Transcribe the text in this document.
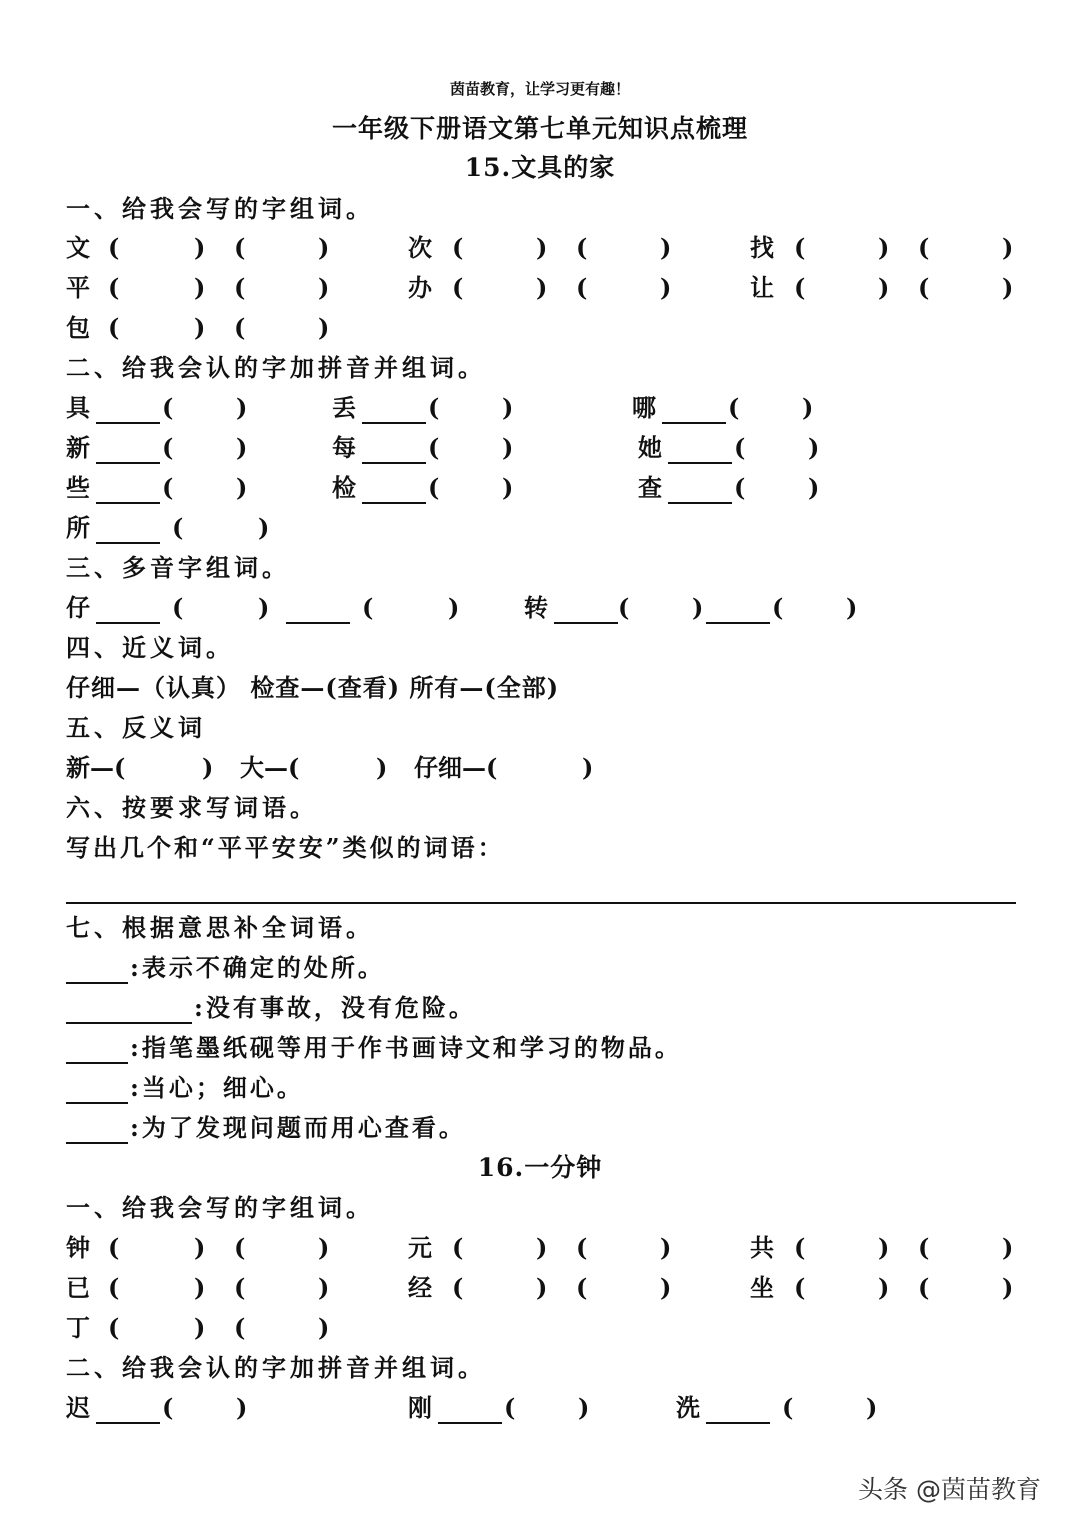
茵苗教育，让学习更有趣！
一年级下册语文第七单元知识点梳理
15.文具的家
一、给我会写的字组词。
文 (	) (	)	次 (	) (	)	找 (	) (	)
平 (	) (	)	办 (	) (	)	让 (	) (	)
包 (	) (	)
二、给我会认的字加拼音并组词。
具	(	)	丢	(	)	哪	(	)
新	(	)	每	(	)	她	(	)
些	(	)	检	(	)	查	(	)
所	(	)
三、多音字组词。
仔	(	)	(	)	转	(	)	(	)
四、近义词。
仔细—（认真） 检查—(查看) 所有—(全部)
五、反义词
新—(	) 大—(	) 仔细—(	)
六、按要求写词语。
写出几个和“平平安安”类似的词语：
七、根据意思补全词语。
:表示不确定的处所。
:没有事故，没有危险。
:指笔墨纸砚等用于作书画诗文和学习的物品。
:当心；细心。
:为了发现问题而用心查看。
16.一分钟
一、给我会写的字组词。
钟 (	) (	)	元 (	) (	)	共 (	) (	)
已 (	) (	)	经 (	) (	)	坐 (	) (	)
丁 (	) (	)
二、给我会认的字加拼音并组词。
迟	(	)	刚	(	)	洗	(	)
头条 @茵苗教育
